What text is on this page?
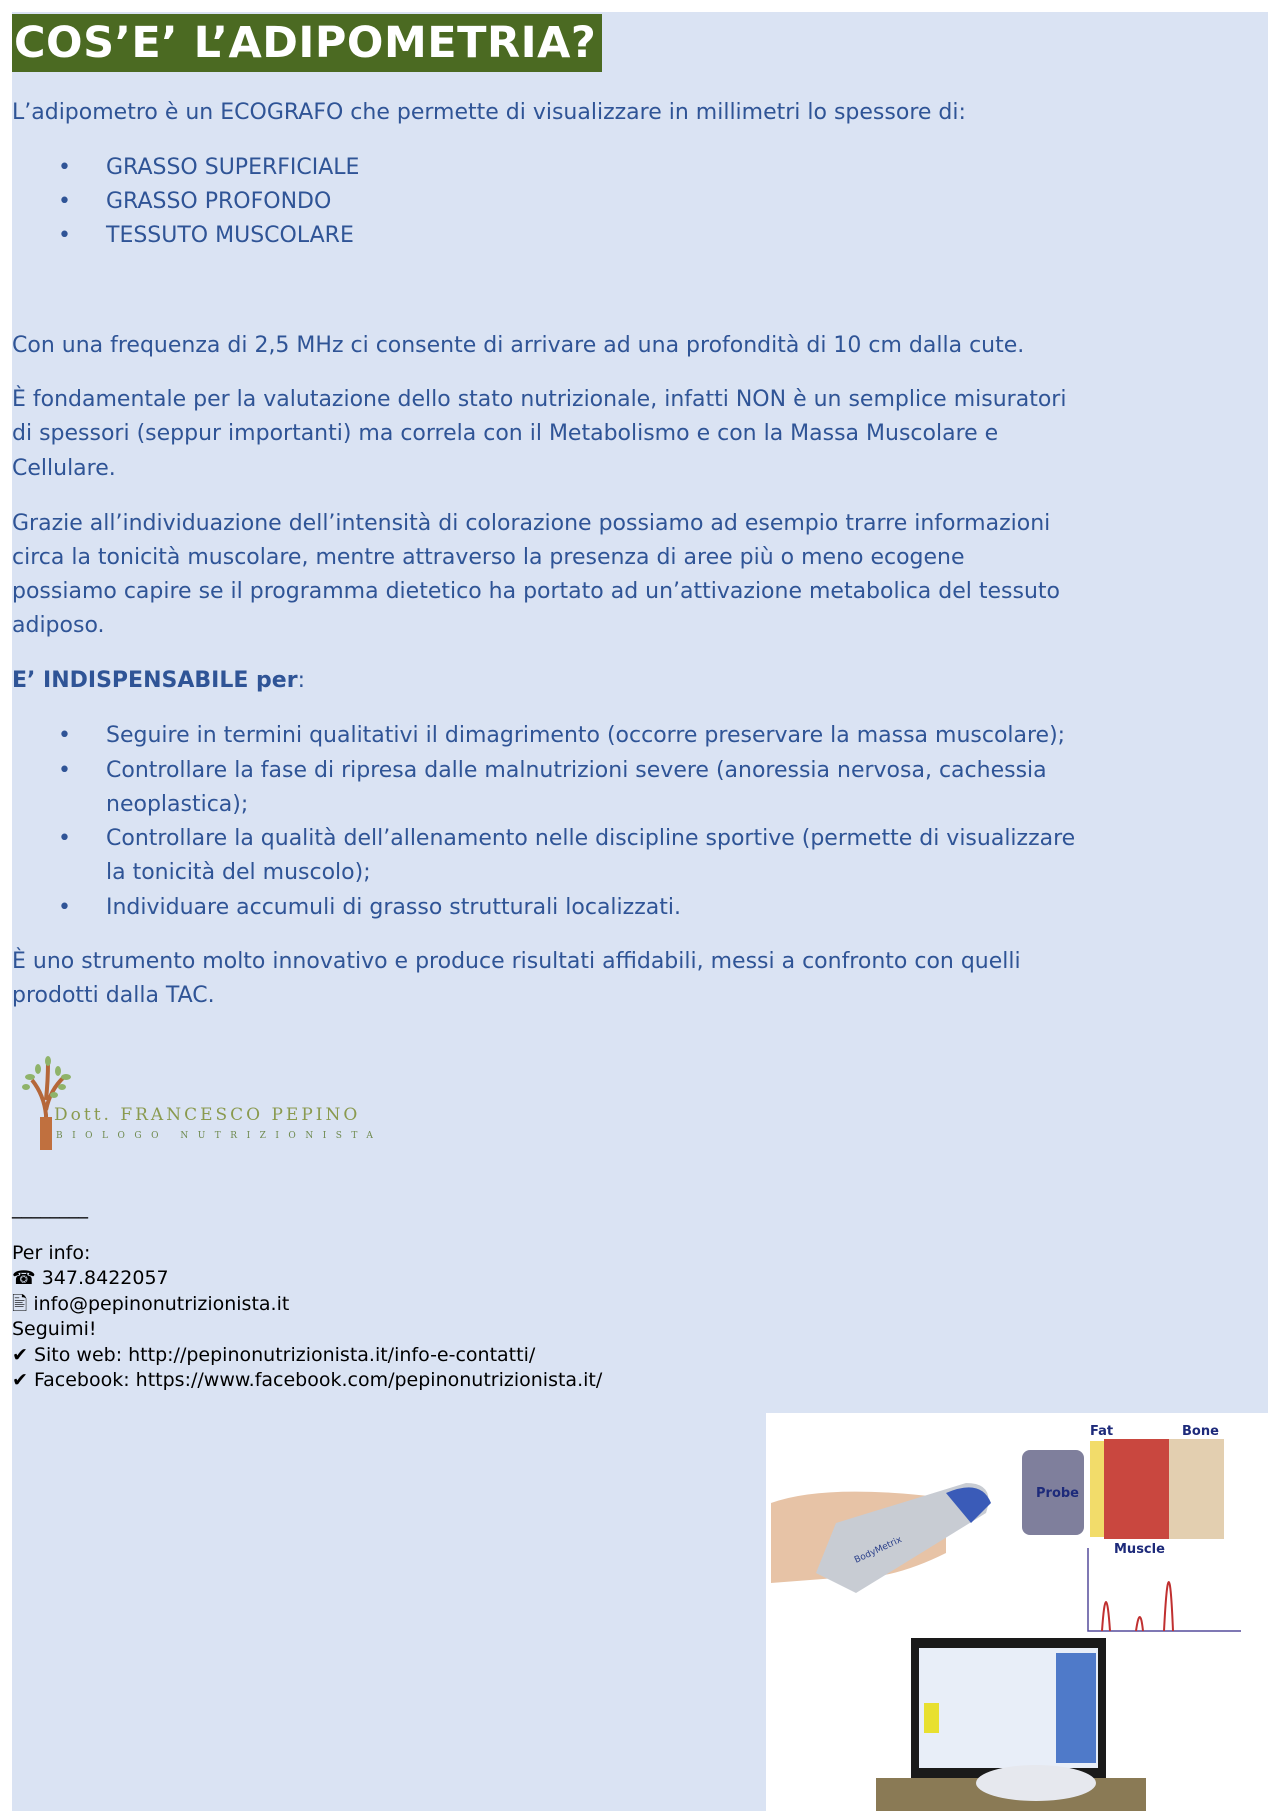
COS’E’ L’ADIPOMETRIA?
L’adipometro è un ECOGRAFO che permette di visualizzare in millimetri lo spessore di:
• GRASSO SUPERFICIALE
• GRASSO PROFONDO
• TESSUTO MUSCOLARE
Con una frequenza di 2,5 MHz ci consente di arrivare ad una profondità di 10 cm dalla cute.
È fondamentale per la valutazione dello stato nutrizionale, infatti NON è un semplice misuratori
di spessori (seppur importanti) ma correla con il Metabolismo e con la Massa Muscolare e
Cellulare.
Grazie all’individuazione dell’intensità di colorazione possiamo ad esempio trarre informazioni
circa la tonicità muscolare, mentre attraverso la presenza di aree più o meno ecogene
possiamo capire se il programma dietetico ha portato ad un’attivazione metabolica del tessuto
adiposo.
E’ INDISPENSABILE per:
• Seguire in termini qualitativi il dimagrimento (occorre preservare la massa muscolare);
• Controllare la fase di ripresa dalle malnutrizioni severe (anoressia nervosa, cachessia
neoplastica);
• Controllare la qualità dell’allenamento nelle discipline sportive (permette di visualizzare
la tonicità del muscolo);
• Individuare accumuli di grasso strutturali localizzati.
È uno strumento molto innovativo e produce risultati affidabili, messi a confronto con quelli
prodotti dalla TAC.
Dott. FRANCESCO PEPINO
BIOLOGO NUTRIZIONISTA
________
Per info:
☎ 347.8422057
🖹 info@pepinonutrizionista.it
Seguimi!
✔ Sito web: http://pepinonutrizionista.it/info-e-contatti/
✔ Facebook: https://www.facebook.com/pepinonutrizionista.it/
BodyMetrix
Probe
Fat	Bone
Muscle
